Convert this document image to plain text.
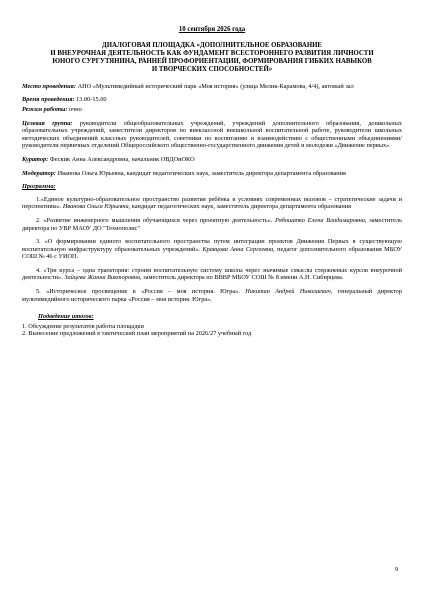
10 сентября 2026 года
ДИАЛОГОВАЯ ПЛОЩАДКА «ДОПОЛНИТЕЛЬНОЕ ОБРАЗОВАНИЕ
И ВНЕУРОЧНАЯ ДЕЯТЕЛЬНОСТЬ КАК ФУНДАМЕНТ ВСЕСТОРОННЕГО РАЗВИТИЯ ЛИЧНОСТИ
ЮНОГО СУРГУТЯНИНА, РАННЕЙ ПРОФОРИЕНТАЦИИ, ФОРМИРОВАНИЯ ГИБКИХ НАВЫКОВ
И ТВОРЧЕСКИХ СПОСОБНОСТЕЙ»
Место проведения: АНО «Мультимедийный исторический парк «Моя история» (улица Мелик-Карамова, 4/4), актовый зал
Время проведения: 13.00-15.00
Режим работы: очно
Целевая группа: руководители общеобразовательных учреждений, учреждений дополнительного образования, дошкольных образовательных учреждений, заместители директоров по внеклассной внешкольной воспитательной работе, руководители школьных методических объединений классных руководителей, советники по воспитанию и взаимодействию с общественными объединениями/руководители первичных отделений Общероссийского общественно-государственного движения детей и молодежи «Движение первых»
Куратор: Фескик Анна Александровна, начальник ОВДОиОКО
Модератор: Иванова Ольга Юрьевна, кандидат педагогических наук, заместитель директора департамента образования
Программа:
1.«Единое культурно-образовательное пространство развития ребёнка в условиях современных вызовов – стратегические задачи и перспективы». Иванова Ольга Юрьевна, кандидат педагогических наук, заместитель директора департамента образования
2. «Развитие инженерного мышления обучающихся через проектную деятельность». Рябошапко Елена Владимировна, заместитель директора по УВР МАОУ ДО "Технополис"
3. «О формировании единого воспитательного пространства путем интеграции проектов Движения Первых в существующую воспитательную инфраструктуру образовательных учреждений». Кравцова Анна Сергеевна, педагог дополнительного образования МБОУ СОШ № 46 с УИОП.
4. «Три курса – одна траектория: строим воспитательную систему школы через значимые смыслы стержневых курсов внеурочной деятельности». Зайцева Жанна Викторовна, заместитель директора по ВВВР МБОУ СОШ № 8 имени А.Н. Сибирцева.
5. «Историческое просвещение в «Россия – моя история. Югра». Никитин Андрей Николаевич, генеральный директор мультимедийного исторического парка «Россия – моя история. Югра».
Подведение итогов:
1. Обсуждение результатов работы площадки
2. Вынесение предложений в тактический план мероприятий на 2026/27 учебный год
9
